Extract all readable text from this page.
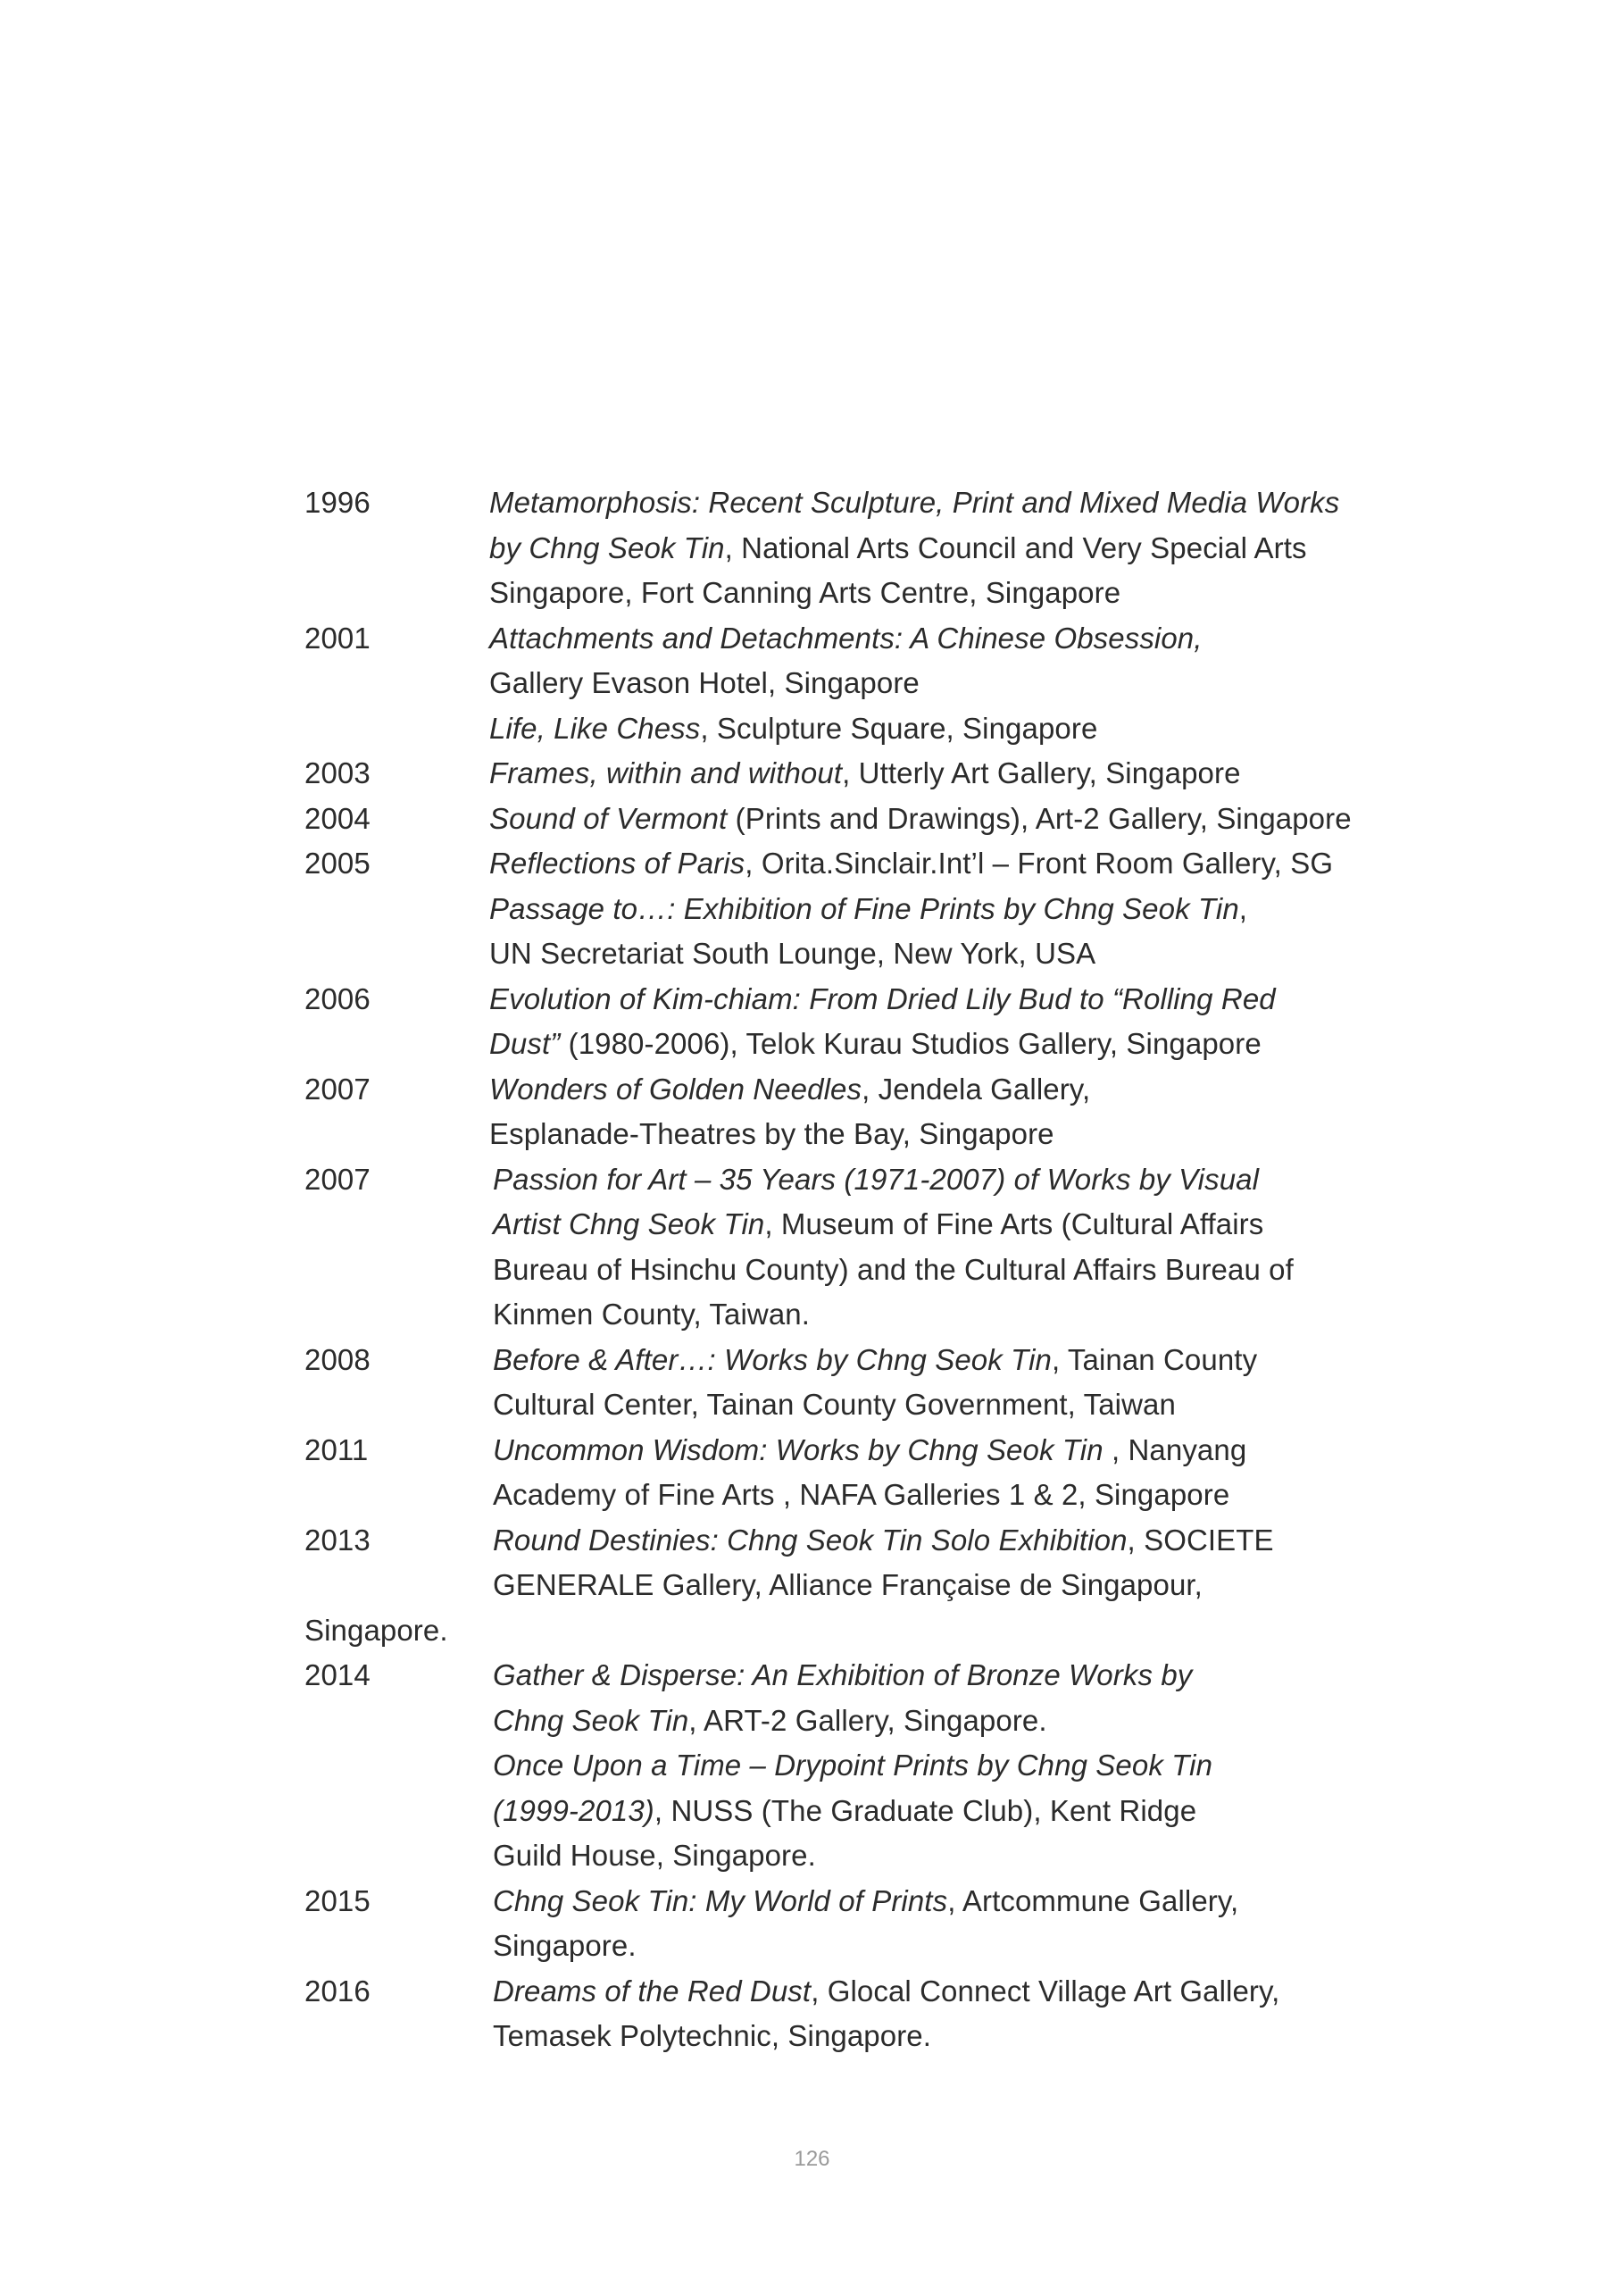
1996	Metamorphosis: Recent Sculpture, Print and Mixed Media Works
by Chng Seok Tin, National Arts Council and Very Special Arts
Singapore, Fort Canning Arts Centre, Singapore
2001	Attachments and Detachments: A Chinese Obsession,
Gallery Evason Hotel, Singapore
Life, Like Chess, Sculpture Square, Singapore
2003	Frames, within and without, Utterly Art Gallery, Singapore
2004	Sound of Vermont (Prints and Drawings), Art-2 Gallery, Singapore
2005	Reflections of Paris, Orita.Sinclair.Int’l – Front Room Gallery, SG
Passage to…: Exhibition of Fine Prints by Chng Seok Tin,
UN Secretariat South Lounge, New York, USA
2006	Evolution of Kim-chiam: From Dried Lily Bud to “Rolling Red
Dust” (1980-2006), Telok Kurau Studios Gallery, Singapore
2007	Wonders of Golden Needles, Jendela Gallery,
Esplanade-Theatres by the Bay, Singapore
2007	Passion for Art – 35 Years (1971-2007) of Works by Visual
Artist Chng Seok Tin, Museum of Fine Arts (Cultural Affairs
Bureau of Hsinchu County) and the Cultural Affairs Bureau of
Kinmen County, Taiwan.
2008	Before & After…: Works by Chng Seok Tin, Tainan County
Cultural Center, Tainan County Government, Taiwan
2011	Uncommon Wisdom: Works by Chng Seok Tin , Nanyang
Academy of Fine Arts , NAFA Galleries 1 & 2, Singapore
2013	Round Destinies: Chng Seok Tin Solo Exhibition, SOCIETE
GENERALE Gallery, Alliance Française de Singapour,
Singapore.
2014	Gather & Disperse: An Exhibition of Bronze Works by
Chng Seok Tin, ART-2 Gallery, Singapore.
Once Upon a Time – Drypoint Prints by Chng Seok Tin
(1999-2013), NUSS (The Graduate Club), Kent Ridge
Guild House, Singapore.
2015	Chng Seok Tin: My World of Prints, Artcommune Gallery,
Singapore.
2016	Dreams of the Red Dust, Glocal Connect Village Art Gallery,
Temasek Polytechnic, Singapore.
126
